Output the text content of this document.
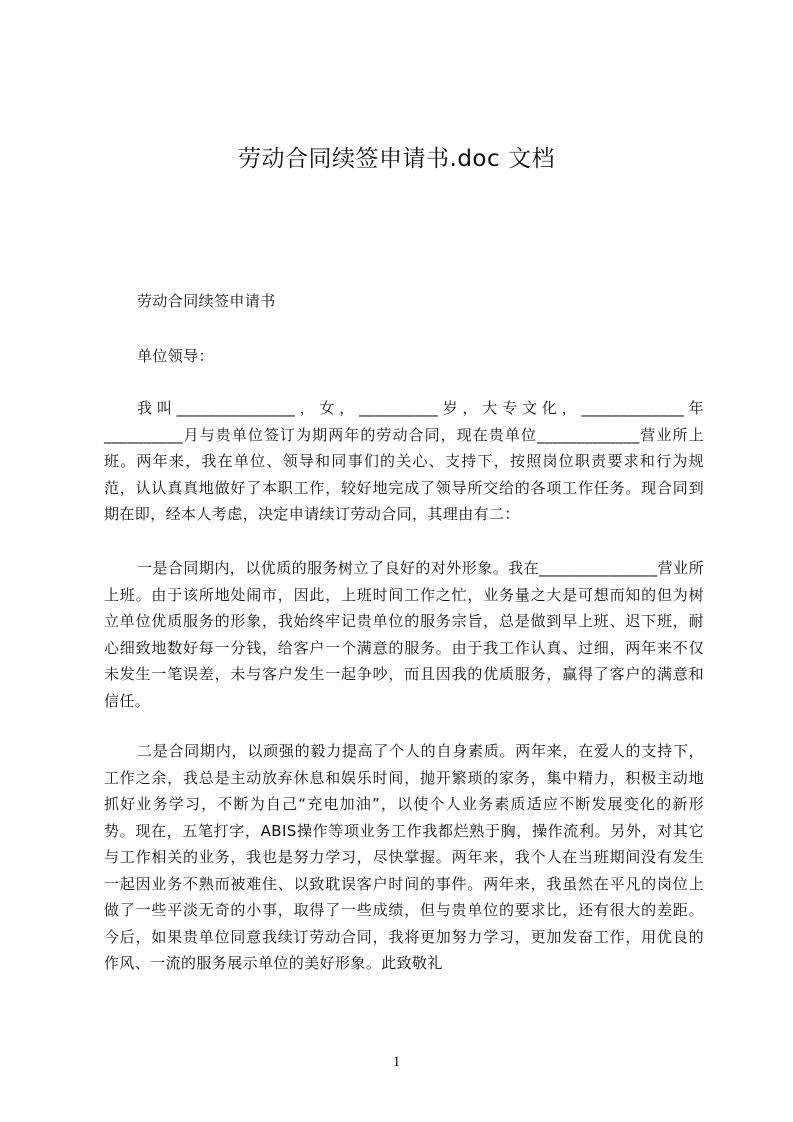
劳动合同续签申请书.doc 文档

劳动合同续签申请书

单位领导：

我叫_______________，女，__________岁，大专文化，_____________年__________月与贵单位签订为期两年的劳动合同，现在贵单位_____________营业所上班。两年来，我在单位、领导和同事们的关心、支持下，按照岗位职责要求和行为规范，认认真真地做好了本职工作，较好地完成了领导所交给的各项工作任务。现合同到期在即，经本人考虑，决定申请续订劳动合同，其理由有二：

一是合同期内，以优质的服务树立了良好的对外形象。我在_______________营业所上班。由于该所地处闹市，因此，上班时间工作之忙，业务量之大是可想而知的但为树立单位优质服务的形象，我始终牢记贵单位的服务宗旨，总是做到早上班、迟下班，耐心细致地数好每一分钱，给客户一个满意的服务。由于我工作认真、过细，两年来不仅未发生一笔误差，未与客户发生一起争吵，而且因我的优质服务，赢得了客户的满意和信任。

二是合同期内，以顽强的毅力提高了个人的自身素质。两年来，在爱人的支持下，工作之余，我总是主动放弃休息和娱乐时间，抛开繁琐的家务，集中精力，积极主动地抓好业务学习，不断为自己“充电加油”，以使个人业务素质适应不断发展变化的新形势。现在，五笔打字，ABIS操作等项业务工作我都烂熟于胸，操作流利。另外，对其它与工作相关的业务，我也是努力学习，尽快掌握。两年来，我个人在当班期间没有发生一起因业务不熟而被难住、以致耽误客户时间的事件。两年来，我虽然在平凡的岗位上做了一些平淡无奇的小事，取得了一些成绩，但与贵单位的要求比，还有很大的差距。今后，如果贵单位同意我续订劳动合同，我将更加努力学习，更加发奋工作，用优良的作风、一流的服务展示单位的美好形象。此致敬礼

1
